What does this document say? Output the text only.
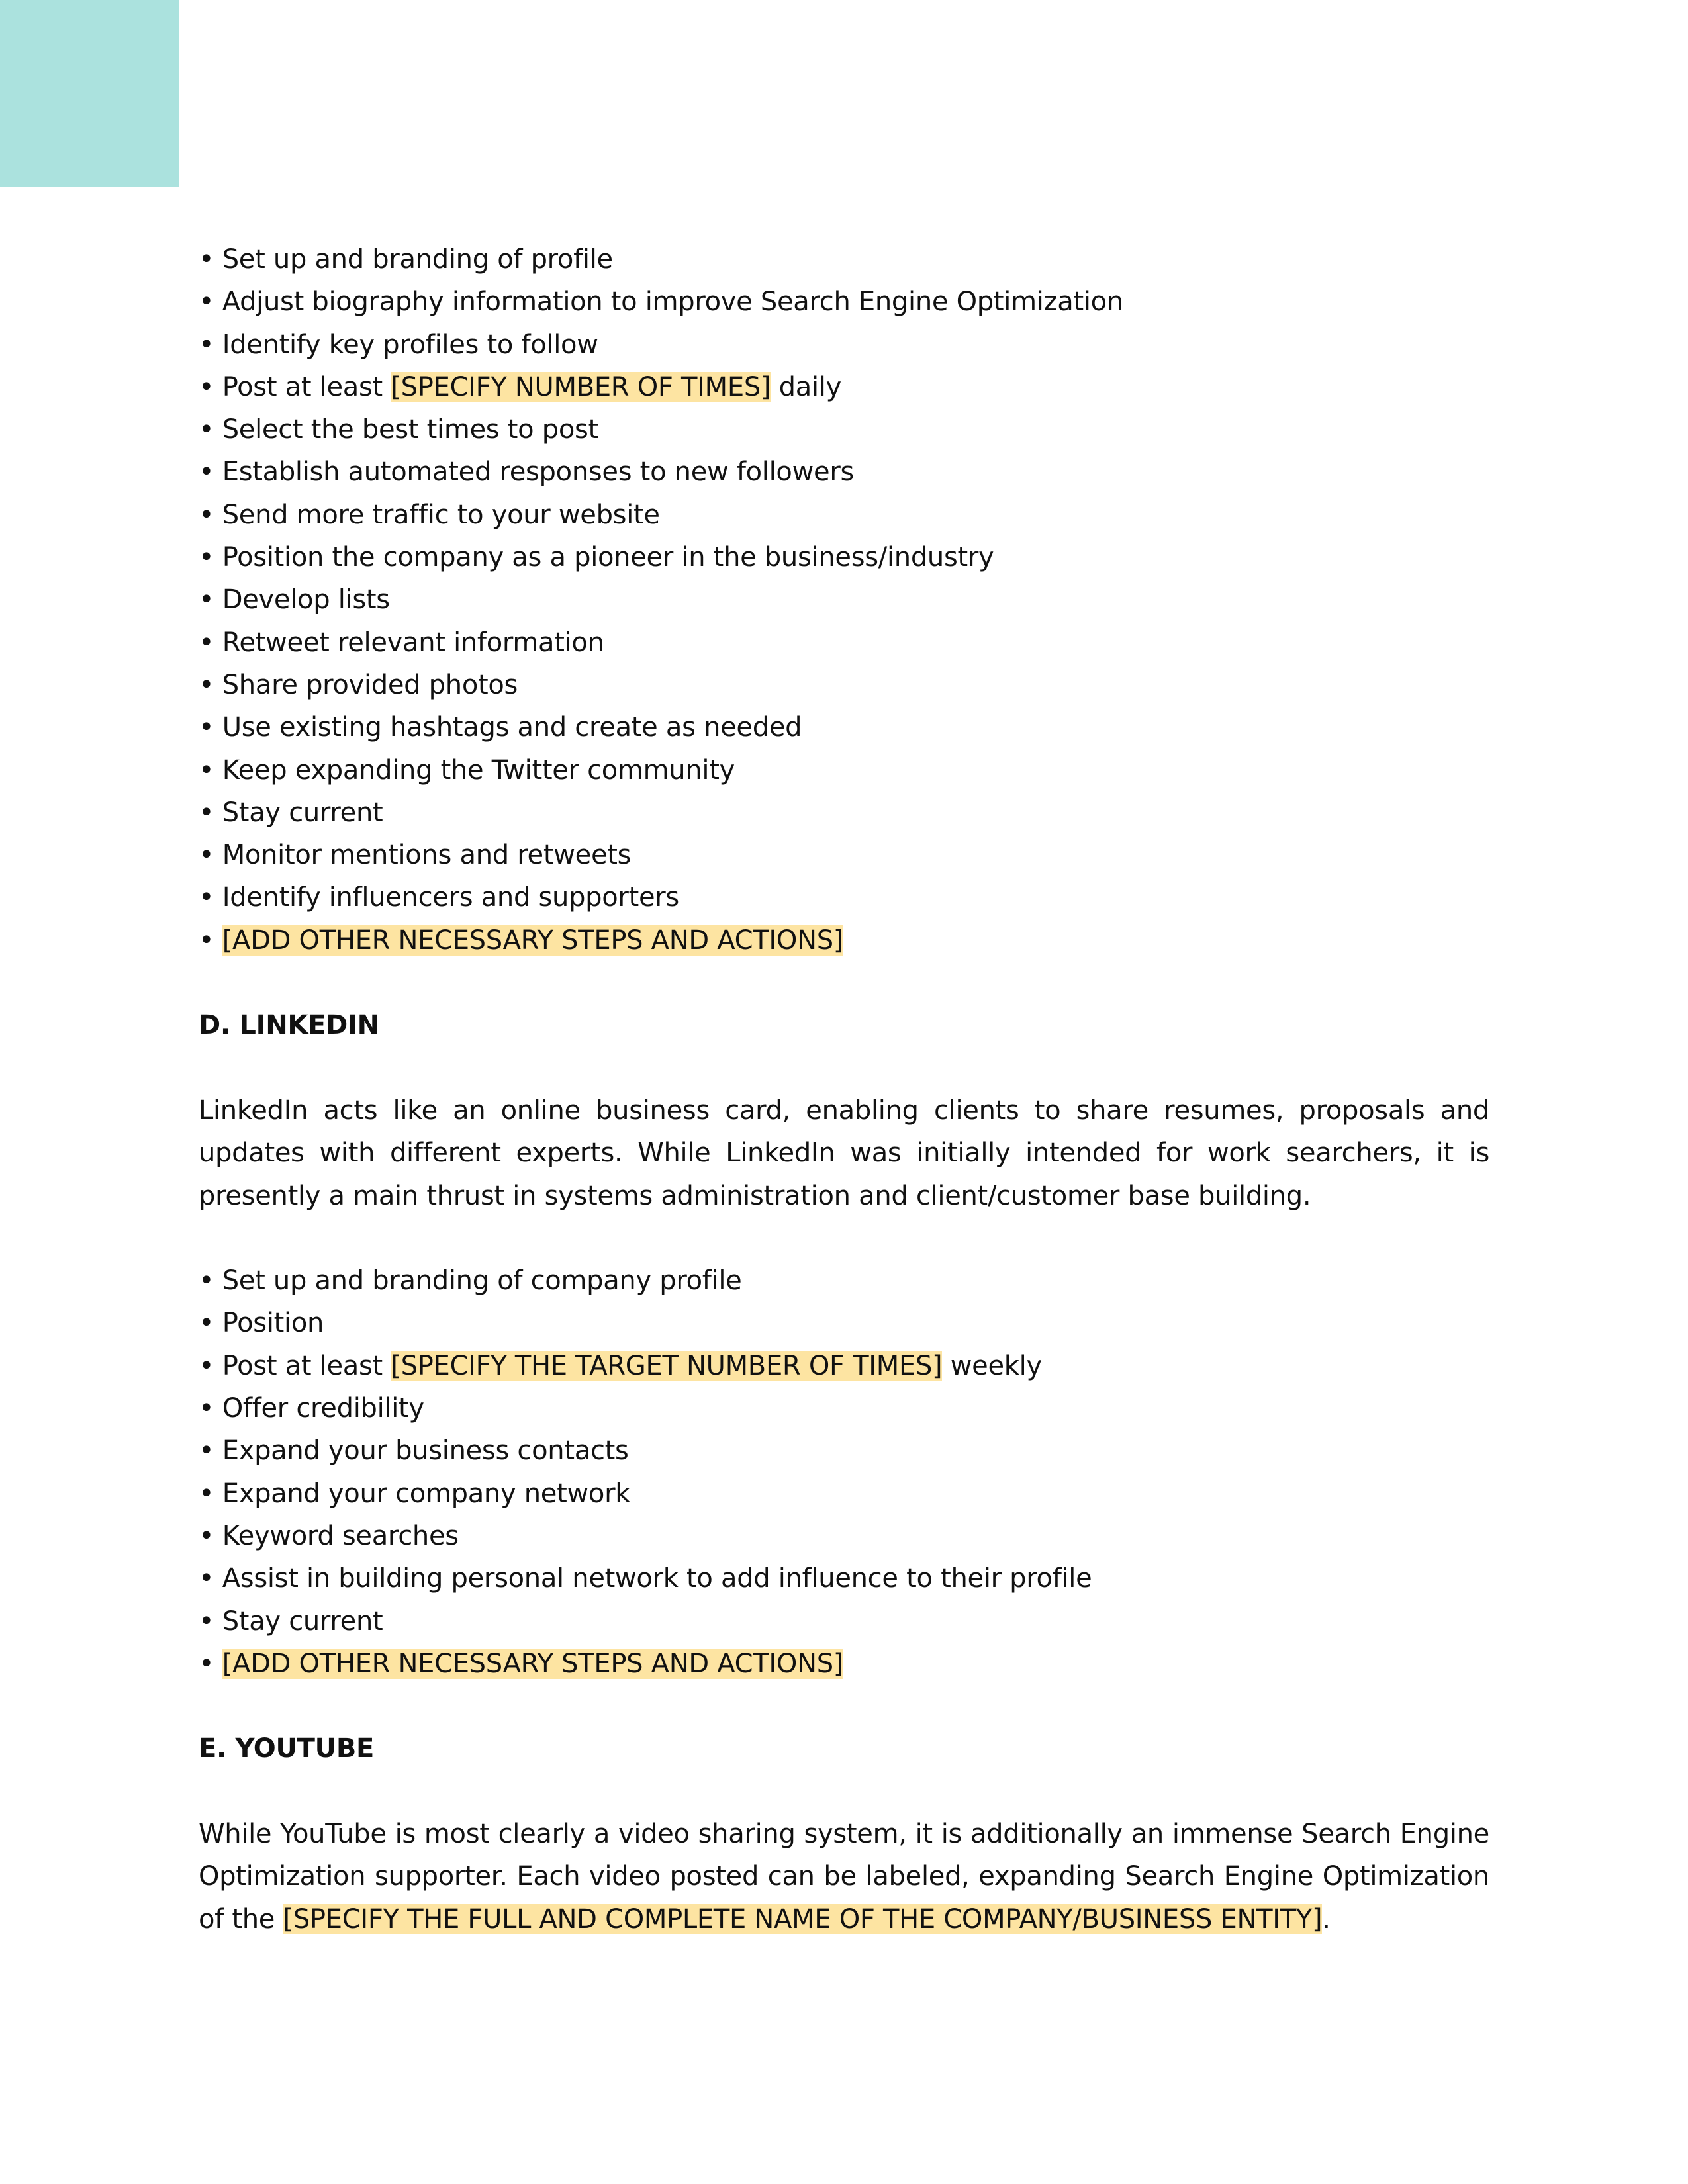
• Set up and branding of profile
• Adjust biography information to improve Search Engine Optimization
• Identify key profiles to follow
• Post at least [SPECIFY NUMBER OF TIMES] daily
• Select the best times to post
• Establish automated responses to new followers
• Send more traffic to your website
• Position the company as a pioneer in the business/industry
• Develop lists
• Retweet relevant information
• Share provided photos
• Use existing hashtags and create as needed
• Keep expanding the Twitter community
• Stay current
• Monitor mentions and retweets
• Identify influencers and supporters
• [ADD OTHER NECESSARY STEPS AND ACTIONS]
D. LINKEDIN
LinkedIn acts like an online business card, enabling clients to share resumes, proposals and updates with different experts. While LinkedIn was initially intended for work searchers, it is presently a main thrust in systems administration and client/customer base building.
• Set up and branding of company profile
• Position
• Post at least [SPECIFY THE TARGET NUMBER OF TIMES] weekly
• Offer credibility
• Expand your business contacts
• Expand your company network
• Keyword searches
• Assist in building personal network to add influence to their profile
• Stay current
• [ADD OTHER NECESSARY STEPS AND ACTIONS]
E. YOUTUBE
While YouTube is most clearly a video sharing system, it is additionally an immense Search Engine Optimization supporter. Each video posted can be labeled, expanding Search Engine Optimization of the [SPECIFY THE FULL AND COMPLETE NAME OF THE COMPANY/BUSINESS ENTITY].
